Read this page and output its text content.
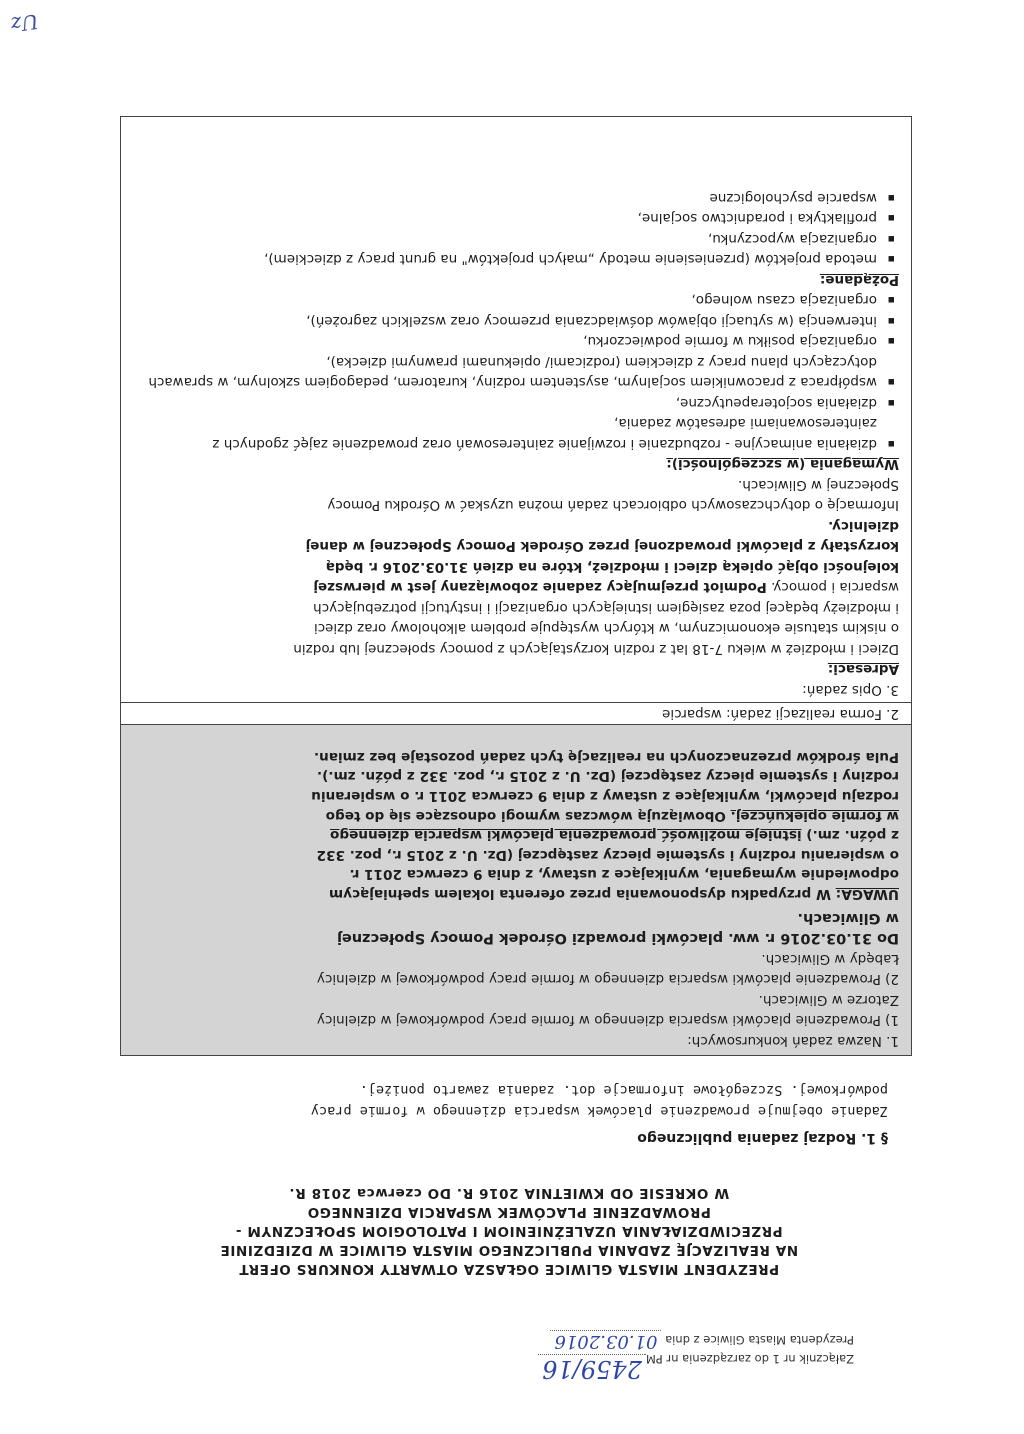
Uz
Załącznik nr 1 do zarządzenia nr PM2459/16
Prezydenta Miasta Gliwice z dnia 01.03.2016
PREZYDENT MIASTA GLIWICE OGŁASZA OTWARTY KONKURS OFERT
NA REALIZACJĘ ZADANIA PUBLICZNEGO MIASTA GLIWICE W DZIEDZINIE
PRZECIWDZIAŁANIA UZALEŻNIENIOM I PATOLOGIOM SPOŁECZNYM -
PROWADZENIE PLACÓWEK WSPARCIA DZIENNEGO
W OKRESIE OD KWIETNIA 2016 R. DO czerwca 2018 R.
§ 1. Rodzaj zadania publicznego
Zadanie obejmuje prowadzenie placówek wsparcia dziennego w formie pracy
podwórkowej. Szczegółowe informacje dot. zadania zawarto poniżej.
1. Nazwa zadań konkursowych:
1) Prowadzenie placówki wsparcia dziennego w formie pracy podwórkowej w dzielnicy
Zatorze w Gliwicach.
2) Prowadzenie placówki wsparcia dziennego w formie pracy podwórkowej w dzielnicy
Łabędy w Gliwicach.
Do 31.03.2016 r. ww. placówki prowadzi Ośrodek Pomocy Społecznej
w Gliwicach.
UWAGA: W przypadku dysponowania przez oferenta lokalem spełniającym
odpowiednie wymagania, wynikające z ustawy, z dnia 9 czerwca 2011 r.
o wspieraniu rodziny i systemie pieczy zastępczej (Dz. U. z 2015 r., poz. 332
z późn. zm.) istnieje możliwość prowadzenia placówki wsparcia dziennego
w formie opiekuńczej. Obowiązują wówczas wymogi odnoszące się do tego
rodzaju placówki, wynikające z ustawy z dnia 9 czerwca 2011 r. o wspieraniu
rodziny i systemie pieczy zastępczej (Dz. U. z 2015 r., poz. 332 z późn. zm.).
Pula środków przeznaczonych na realizację tych zadań pozostaje bez zmian.
2. Forma realizacji zadań: wsparcie
3. Opis zadań:
Adresaci:
Dzieci i młodzież w wieku 7-18 lat z rodzin korzystających z pomocy społecznej lub rodzin
o niskim statusie ekonomicznym, w których występuje problem alkoholowy oraz dzieci
i młodzieży będącej poza zasięgiem istniejących organizacji i instytucji potrzebujących
wsparcia i pomocy. Podmiot przejmujący zadanie zobowiązany jest w pierwszej
kolejności objąć opieką dzieci i młodzież, które na dzień 31.03.2016 r. będą
korzystały z placówki prowadzonej przez Ośrodek Pomocy Społecznej w danej
dzielnicy.
Informację o dotychczasowych odbiorcach zadań można uzyskać w Ośrodku Pomocy
Społecznej w Gliwicach.
Wymagania (w szczególności):
▪ działania animacyjne - rozbudzanie i rozwijanie zainteresowań oraz prowadzenie zajęć zgodnych z zainteresowaniami adresatów zadania,
▪ działania socjoterapeutyczne,
▪ współpraca z pracownikiem socjalnym, asystentem rodziny, kuratorem, pedagogiem szkolnym, w sprawach dotyczących planu pracy z dzieckiem (rodzicami/ opiekunami prawnymi dziecka),
▪ organizacja posiłku w formie podwieczorku,
▪ interwencja (w sytuacji objawów doświadczania przemocy oraz wszelkich zagrożeń),
▪ organizacja czasu wolnego,
Pożądane:
▪ metoda projektów (przeniesienie metody „małych projektów" na grunt pracy z dzieckiem),
▪ organizacja wypoczynku,
▪ profilaktyka i poradnictwo socjalne,
▪ wsparcie psychologiczne
